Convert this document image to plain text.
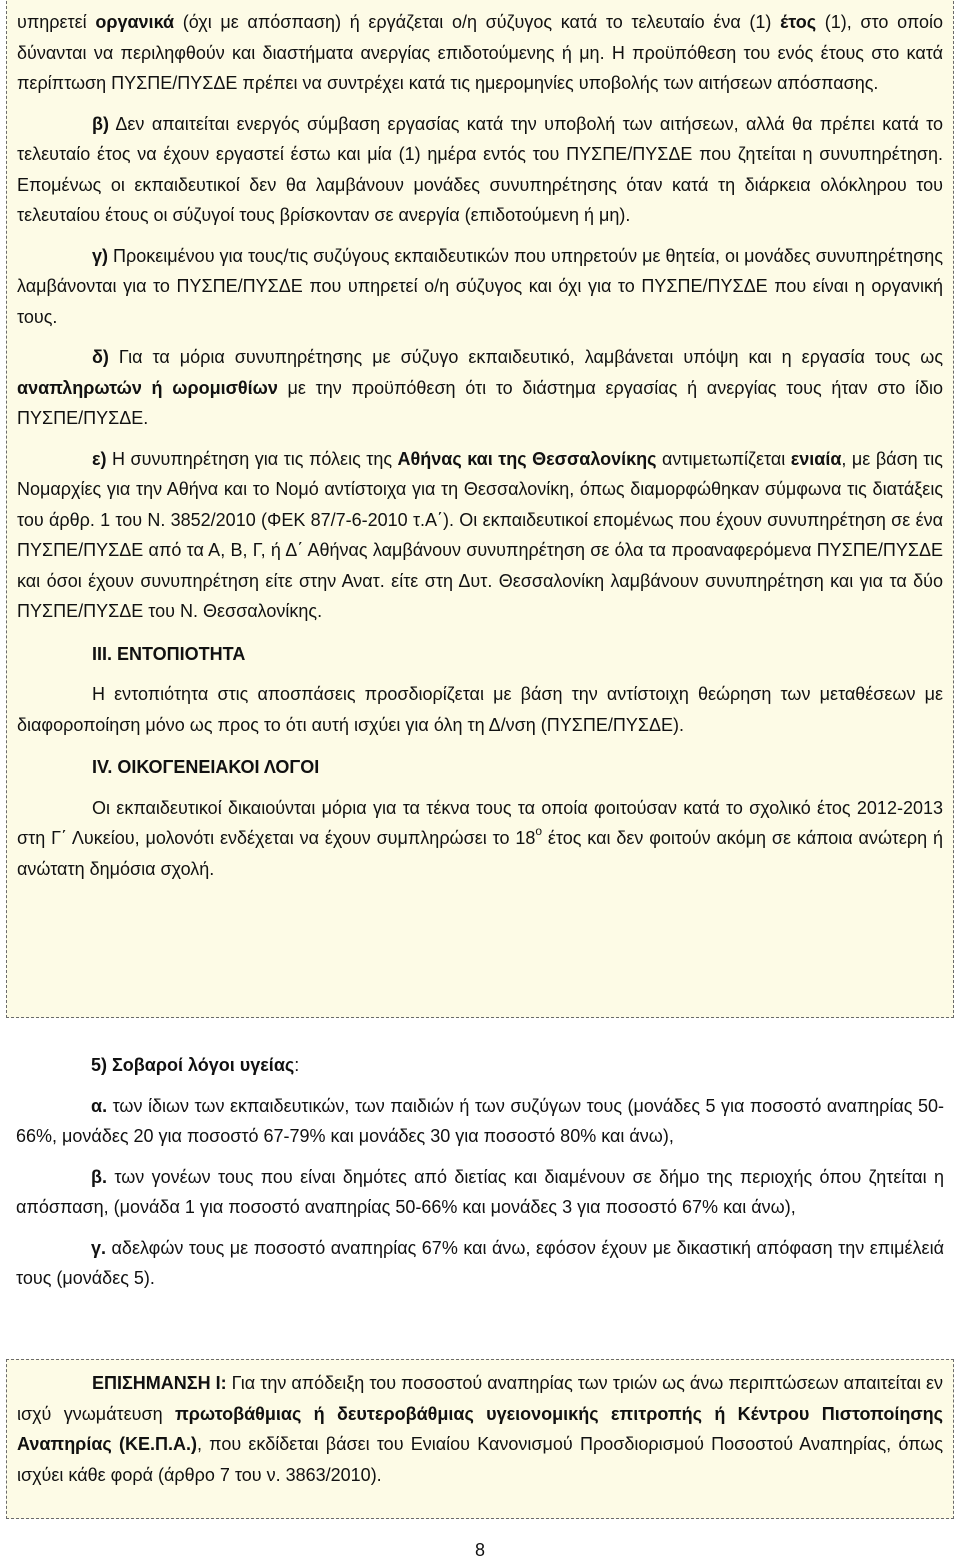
υπηρετεί οργανικά (όχι με απόσπαση) ή εργάζεται ο/η σύζυγος κατά το τελευταίο ένα (1) έτος (1), στο οποίο δύνανται να περιληφθούν και διαστήματα ανεργίας επιδοτούμενης ή μη. Η προϋπόθεση του ενός έτους στο κατά περίπτωση ΠΥΣΠΕ/ΠΥΣΔΕ πρέπει να συντρέχει κατά τις ημερομηνίες υποβολής των αιτήσεων απόσπασης.

β) Δεν απαιτείται ενεργός σύμβαση εργασίας κατά την υποβολή των αιτήσεων, αλλά θα πρέπει κατά το τελευταίο έτος να έχουν εργαστεί έστω και μία (1) ημέρα εντός του ΠΥΣΠΕ/ΠΥΣΔΕ που ζητείται η συνυπηρέτηση. Επομένως οι εκπαιδευτικοί δεν θα λαμβάνουν μονάδες συνυπηρέτησης όταν κατά τη διάρκεια ολόκληρου του τελευταίου έτους οι σύζυγοί τους βρίσκονταν σε ανεργία (επιδοτούμενη ή μη).

γ) Προκειμένου για τους/τις συζύγους εκπαιδευτικών που υπηρετούν με θητεία, οι μονάδες συνυπηρέτησης λαμβάνονται για το ΠΥΣΠΕ/ΠΥΣΔΕ που υπηρετεί ο/η σύζυγος και όχι για το ΠΥΣΠΕ/ΠΥΣΔΕ που είναι η οργανική τους.

δ) Για τα μόρια συνυπηρέτησης με σύζυγο εκπαιδευτικό, λαμβάνεται υπόψη και η εργασία τους ως αναπληρωτών ή ωρομισθίων με την προϋπόθεση ότι το διάστημα εργασίας ή ανεργίας τους ήταν στο ίδιο ΠΥΣΠΕ/ΠΥΣΔΕ.

ε) Η συνυπηρέτηση για τις πόλεις της Αθήνας και της Θεσσαλονίκης αντιμετωπίζεται ενιαία, με βάση τις Νομαρχίες για την Αθήνα και το Νομό αντίστοιχα για τη Θεσσαλονίκη, όπως διαμορφώθηκαν σύμφωνα τις διατάξεις του άρθρ. 1 του Ν. 3852/2010 (ΦΕΚ 87/7-6-2010 τ.Α΄). Οι εκπαιδευτικοί επομένως που έχουν συνυπηρέτηση σε ένα ΠΥΣΠΕ/ΠΥΣΔΕ από τα Α, Β, Γ, ή Δ΄ Αθήνας λαμβάνουν συνυπηρέτηση σε όλα τα προαναφερόμενα ΠΥΣΠΕ/ΠΥΣΔΕ και όσοι έχουν συνυπηρέτηση είτε στην Ανατ. είτε στη Δυτ. Θεσσαλονίκη λαμβάνουν συνυπηρέτηση και για τα δύο ΠΥΣΠΕ/ΠΥΣΔΕ του Ν. Θεσσαλονίκης.

ΙΙΙ. ΕΝΤΟΠΙΟΤΗΤΑ

Η εντοπιότητα στις αποσπάσεις προσδιορίζεται με βάση την αντίστοιχη θεώρηση των μεταθέσεων με διαφοροποίηση μόνο ως προς το ότι αυτή ισχύει για όλη τη Δ/νση (ΠΥΣΠΕ/ΠΥΣΔΕ).

ΙV. ΟΙΚΟΓΕΝΕΙΑΚΟΙ ΛΟΓΟΙ

Οι εκπαιδευτικοί δικαιούνται μόρια για τα τέκνα τους τα οποία φοιτούσαν κατά το σχολικό έτος 2012-2013 στη Γ΄ Λυκείου, μολονότι ενδέχεται να έχουν συμπληρώσει το $18^o$ έτος και δεν φοιτούν ακόμη σε κάποια ανώτερη ή ανώτατη δημόσια σχολή.

5) Σοβαροί λόγοι υγείας:

α. των ίδιων των εκπαιδευτικών, των παιδιών ή των συζύγων τους (μονάδες 5 για ποσοστό αναπηρίας 50-66%, μονάδες 20 για ποσοστό 67-79% και μονάδες 30 για ποσοστό 80% και άνω),

β. των γονέων τους που είναι δημότες από διετίας και διαμένουν σε δήμο της περιοχής όπου ζητείται η απόσπαση, (μονάδα 1 για ποσοστό αναπηρίας 50-66% και μονάδες 3 για ποσοστό 67% και άνω),

γ. αδελφών τους με ποσοστό αναπηρίας 67% και άνω, εφόσον έχουν με δικαστική απόφαση την επιμέλειά τους (μονάδες 5).

ΕΠΙΣΗΜΑΝΣΗ Ι: Για την απόδειξη του ποσοστού αναπηρίας των τριών ως άνω περιπτώσεων απαιτείται εν ισχύ γνωμάτευση πρωτοβάθμιας ή δευτεροβάθμιας υγειονομικής επιτροπής ή Κέντρου Πιστοποίησης Αναπηρίας (ΚΕ.Π.Α.), που εκδίδεται βάσει του Ενιαίου Κανονισμού Προσδιορισμού Ποσοστού Αναπηρίας, όπως ισχύει κάθε φορά (άρθρο 7 του ν. 3863/2010).

8
